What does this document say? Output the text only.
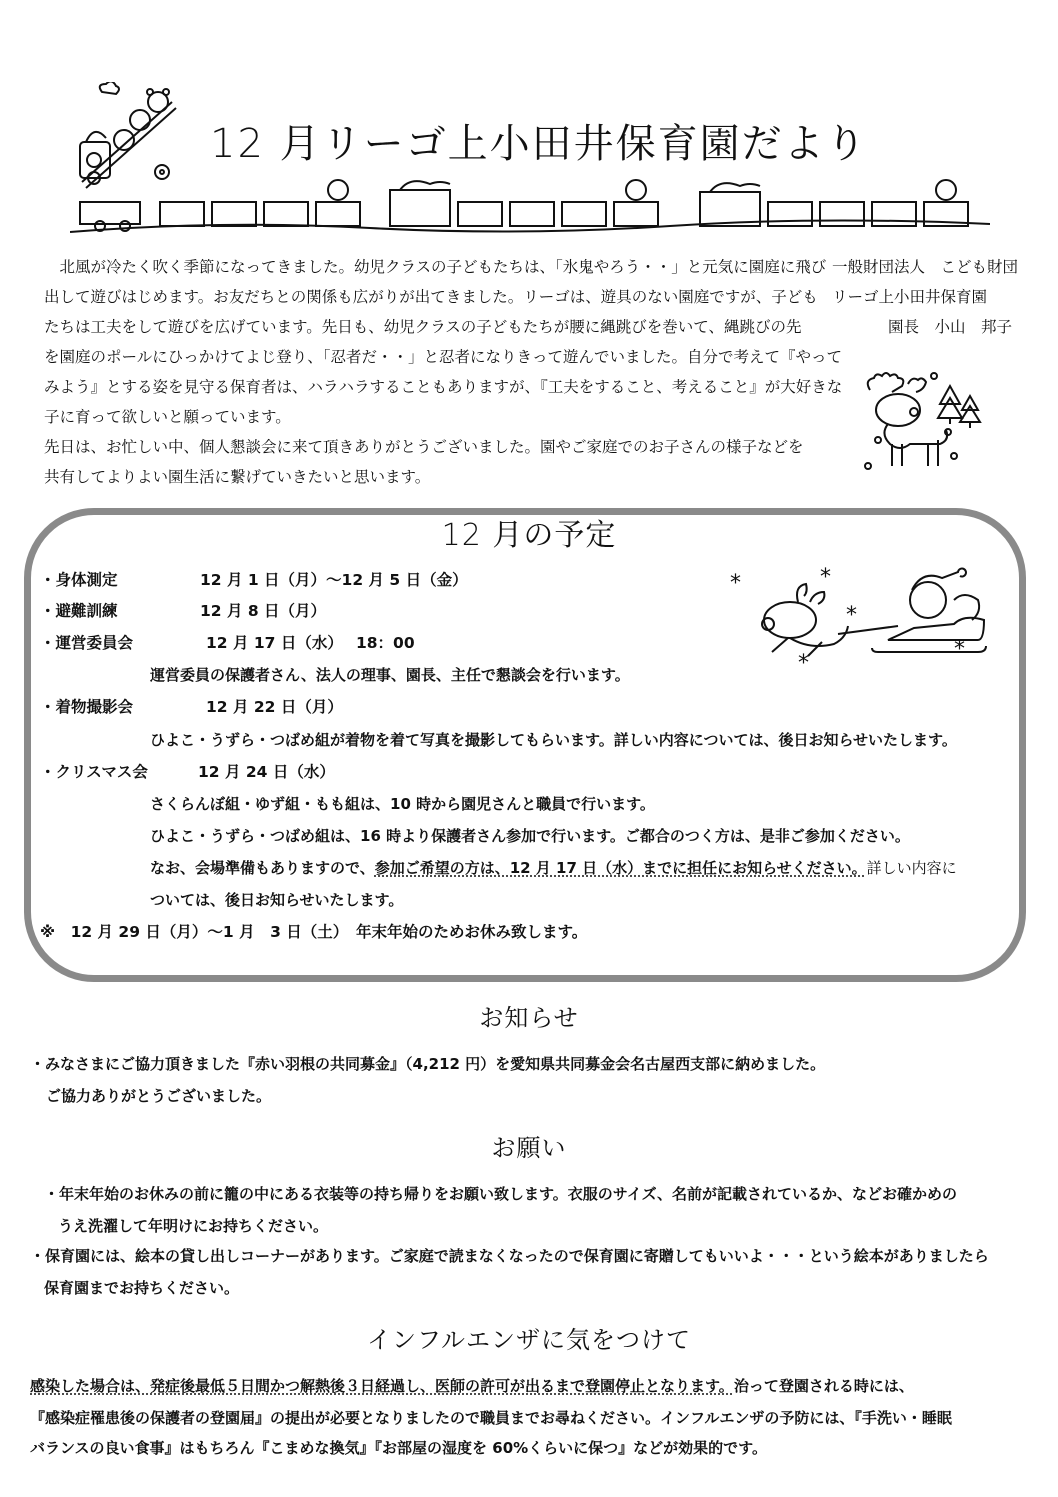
12 月リーゴ上小田井保育園だより
　北風が冷たく吹く季節になってきました。幼児クラスの子どもたちは、「氷鬼やろう・・」と元気に園庭に飛び
出して遊びはじめます。お友だちとの関係も広がりが出てきました。リーゴは、遊具のない園庭ですが、子ども
たちは工夫をして遊びを広げています。先日も、幼児クラスの子どもたちが腰に縄跳びを巻いて、縄跳びの先
を園庭のポールにひっかけてよじ登り、「忍者だ・・」と忍者になりきって遊んでいました。自分で考えて『やって
みよう』とする姿を見守る保育者は、ハラハラすることもありますが、『工夫をすること、考えること』が大好きな
子に育って欲しいと願っています。
先日は、お忙しい中、個人懇談会に来て頂きありがとうございました。園やご家庭でのお子さんの様子などを
共有してよりよい園生活に繋げていきたいと思います。
一般財団法人　こども財団
リーゴ上小田井保育園
園長　小山　邦子
12 月の予定
・身体測定	12 月 1 日（月）～12 月 5 日（金）
・避難訓練	12 月 8 日（月）
・運営委員会	12 月 17 日（水）　 18：00
運営委員の保護者さん、法人の理事、園長、主任で懇談会を行います。
・着物撮影会	12 月 22 日（月）
ひよこ・うずら・つばめ組が着物を着て写真を撮影してもらいます。詳しい内容については、後日お知らせいたします。
・クリスマス会	12 月 24 日（水）
さくらんぼ組・ゆず組・もも組は、10 時から園児さんと職員で行います。
ひよこ・うずら・つばめ組は、16 時より保護者さん参加で行います。ご都合のつく方は、是非ご参加ください。
なお、会場準備もありますので、参加ご希望の方は、12 月 17 日（水）までに担任にお知らせください。詳しい内容に
ついては、後日お知らせいたします。
※　12 月 29 日（月）～1 月　3 日（土）　年末年始のためお休み致します。
*	*
*
*
*
お知らせ
・みなさまにご協力頂きました『赤い羽根の共同募金』（4,212 円）を愛知県共同募金会名古屋西支部に納めました。
ご協力ありがとうございました。
お願い
・年末年始のお休みの前に籠の中にある衣装等の持ち帰りをお願い致します。衣服のサイズ、名前が記載されているか、などお確かめの
うえ洗濯して年明けにお持ちください。
・保育園には、絵本の貸し出しコーナーがあります。ご家庭で読まなくなったので保育園に寄贈してもいいよ・・・という絵本がありましたら
保育園までお持ちください。
インフルエンザに気をつけて
感染した場合は、発症後最低５日間かつ解熱後３日経過し、医師の許可が出るまで登園停止となります。治って登園される時には、
『感染症罹患後の保護者の登園届』の提出が必要となりましたので職員までお尋ねください。インフルエンザの予防には、『手洗い・睡眠
バランスの良い食事』はもちろん『こまめな換気』『お部屋の湿度を 60%くらいに保つ』などが効果的です。
